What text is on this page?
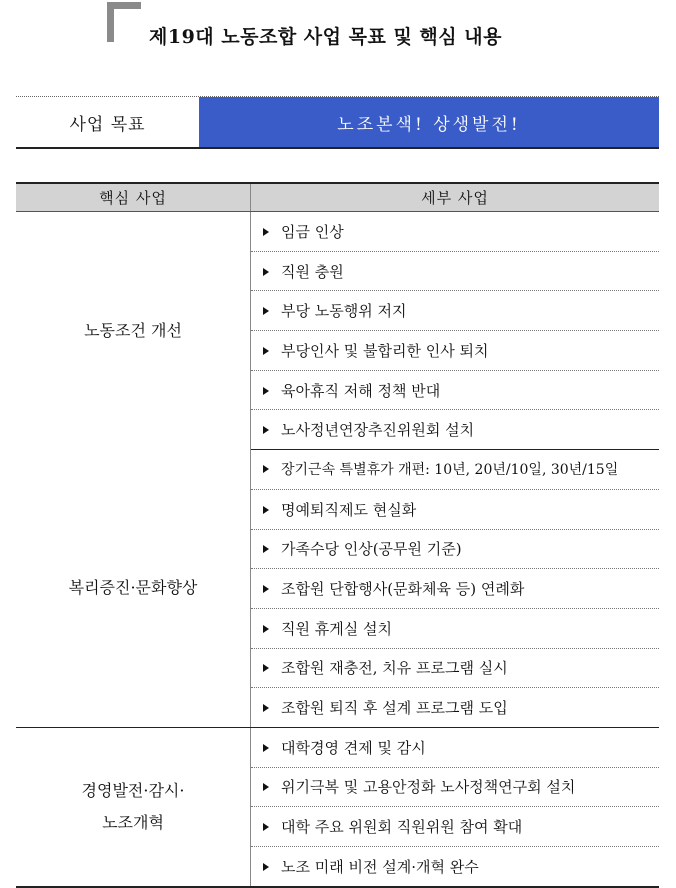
제19대 노동조합 사업 목표 및 핵심 내용
사업 목표	노조본색! 상생발전!
핵심 사업	세부 사업
노동조건 개선	임금 인상
	직원 충원
	부당 노동행위 저지
	부당인사 및 불합리한 인사 퇴치
	육아휴직 저해 정책 반대
	노사정년연장추진위원회 설치
복리증진·문화향상	장기근속 특별휴가 개편: 10년, 20년/10일, 30년/15일
	명예퇴직제도 현실화
	가족수당 인상(공무원 기준)
	조합원 단합행사(문화체육 등) 연례화
	직원 휴게실 설치
	조합원 재충전, 치유 프로그램 실시
	조합원 퇴직 후 설계 프로그램 도입

경영발전·감시·
노조개혁	대학경영 견제 및 감시
	위기극복 및 고용안정화 노사정책연구회 설치
	대학 주요 위원회 직원위원 참여 확대
	노조 미래 비전 설계·개혁 완수
